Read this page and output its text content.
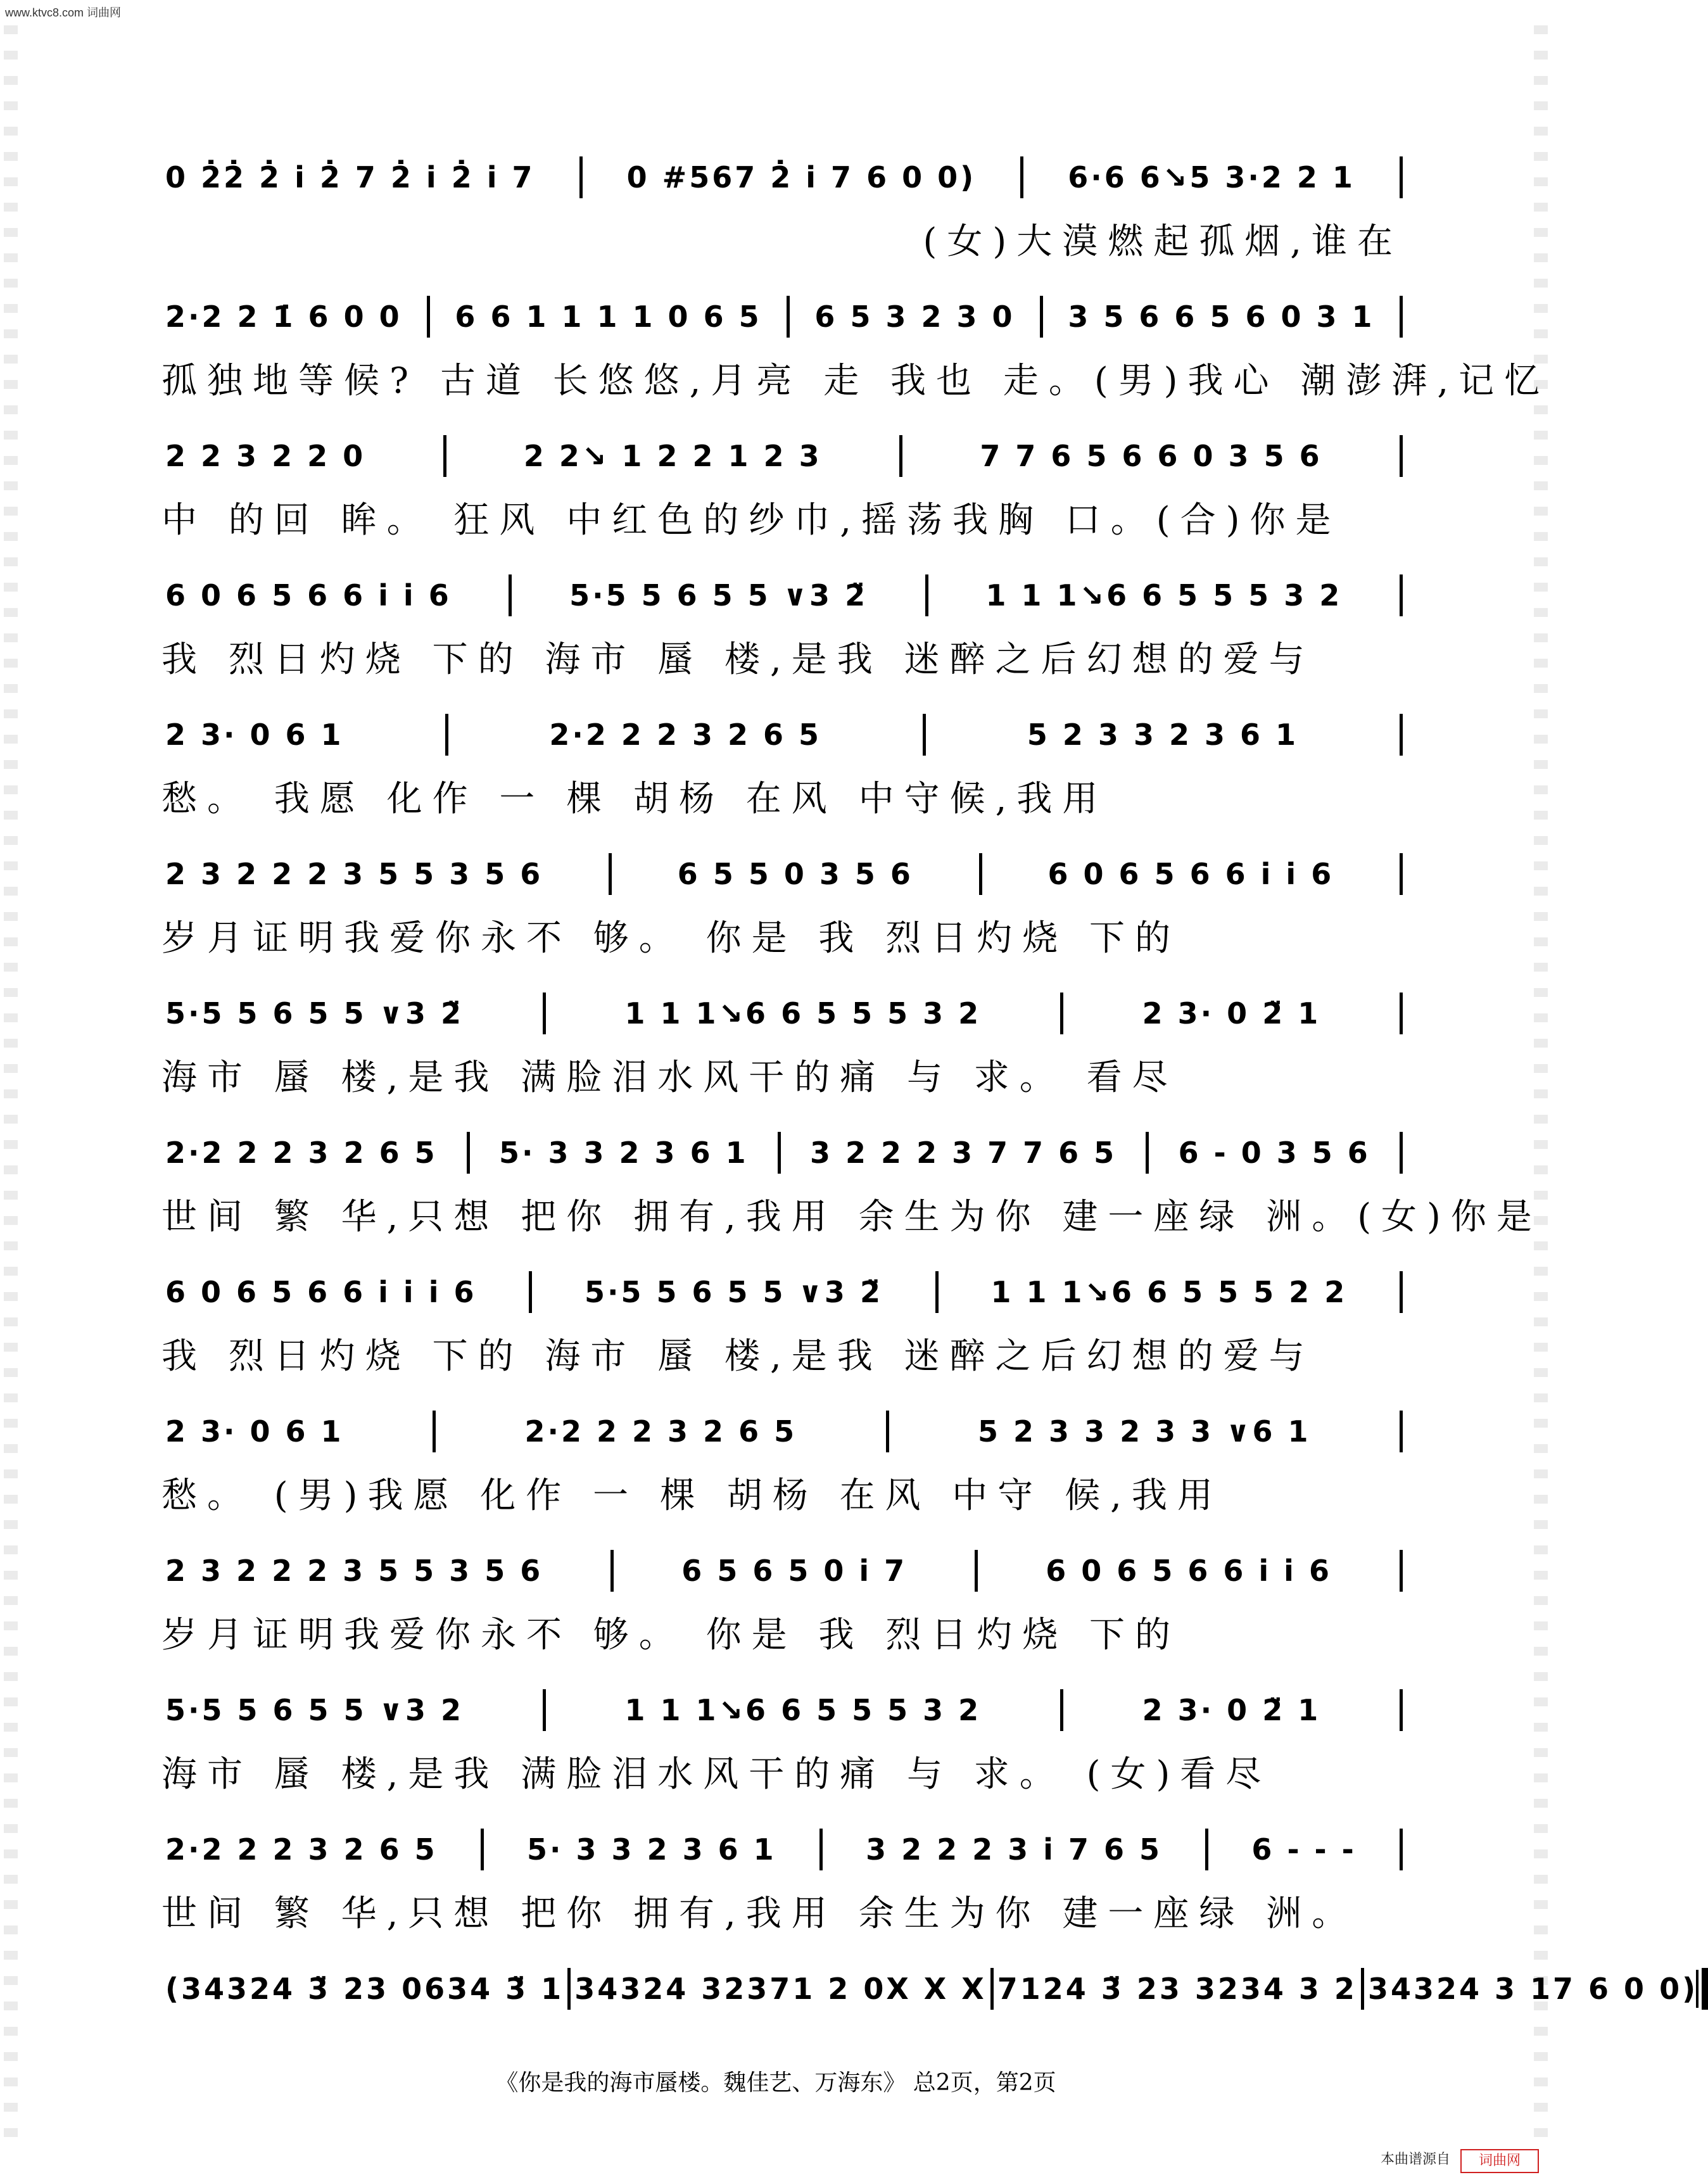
www.ktvc8.com 词曲网
0 2̇2̇ 2̇ i 2̇ 7 2̇ i 2̇ i 7	0 #567 2̇ i 7 6 0 0)	6·6 6↘5 3·2 2 1
(女)大漠燃起孤烟,谁在
2·2 2 1̇ 6 0 0 6 6 1 1 1 1 0 6 5 6 5 3 2 3 0 3 5 6 6 5 6 0 3 1
孤独地等候? 古道 长悠悠,月亮 走 我也 走。(男)我心 潮澎湃,记忆
2 2 3 2 2 0	2 2↘ 1 2 2 1 2 3	7 7 6 5 6 6 0 3 5 6
中 的回 眸。 狂风 中红色的纱巾,摇荡我胸 口。(合)你是
6 0 6 5 6 6 i i 6	5·5 5 6 5 5 ∨3 2̈	1 1 1↘6 6 5 5 5 3 2
我 烈日灼烧 下的 海市 蜃 楼,是我 迷醉之后幻想的爱与
2 3· 0 6 1	2·2 2 2 3 2 6 5	5 2 3 3 2 3 6 1
愁。 我愿 化作 一 棵 胡杨 在风 中守候,我用
2 3 2 2 2 3 5 5 3 5 6	6 5 5 0 3 5 6	6 0 6 5 6 6 i i 6
岁月证明我爱你永不 够。 你是 我 烈日灼烧 下的
5·5 5 6 5 5 ∨3 2̈	1 1 1↘6 6 5 5 5 3 2	2 3· 0 2̈ 1
海市 蜃 楼,是我 满脸泪水风干的痛 与 求。 看尽
2·2 2 2 3 2 6 5 5· 3 3 2 3 6 1 3 2 2 2 3 7 7 6 5 6 - 0 3 5 6
世间 繁 华,只想 把你 拥有,我用 余生为你 建一座绿 洲。(女)你是
6 0 6 5 6 6 i i i 6	5·5 5 6 5 5 ∨3 2̈	1 1 1↘6 6 5 5 5 2 2
我 烈日灼烧 下的 海市 蜃 楼,是我 迷醉之后幻想的爱与
2 3· 0 6 1	2·2 2 2 3 2 6 5	5 2 3 3 2 3 3 ∨6 1
愁。 (男)我愿 化作 一 棵 胡杨 在风 中守 候,我用
2 3 2 2 2 3 5 5 3 5 6	6 5 6 5 0 i 7	6 0 6 5 6 6 i i 6
岁月证明我爱你永不 够。 你是 我 烈日灼烧 下的
5·5 5 6 5 5 ∨3 2	1 1 1↘6 6 5 5 5 3 2	2 3· 0 2̈ 1
海市 蜃 楼,是我 满脸泪水风干的痛 与 求。 (女)看尽
2·2 2 2 3 2 6 5	5· 3 3 2 3 6 1	3 2 2 2 3 i 7 6 5	6 - - -
世间 繁 华,只想 把你 拥有,我用 余生为你 建一座绿 洲。
(34324 3̈ 23 0634 3̈ 1 34324 32371 2 0X X X 7124 3̈ 23 3234 3 2 34324 3 17 6 0 0)
《你是我的海市蜃楼。魏佳艺、万海东》 总2页，第2页
本曲谱源自	词曲网
